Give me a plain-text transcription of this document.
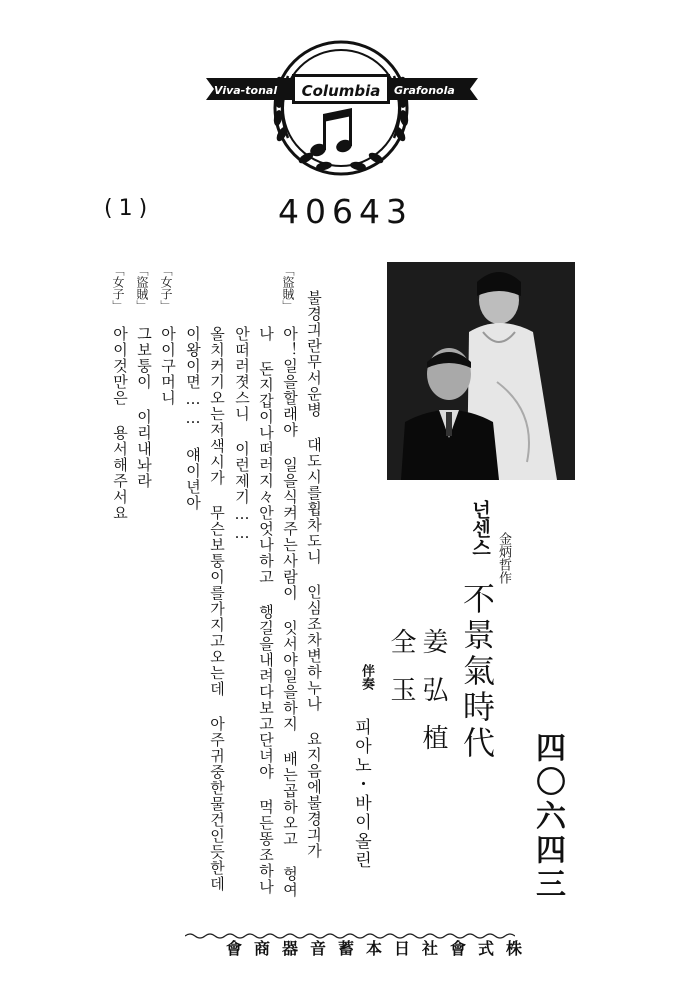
Viva-tonal Columbia Grafonola
(1)	40643
四〇六四三
넌센스
金炳哲作
不景氣時代
姜弘植
全玉
伴奏
피아노・바이올린
불경긔란무서운병 대도시를휩차도니 인심조차변하누나 요지음에불경긔가
「盜賊」
아！일을할래야 일을식켜주는사람이 잇서야일을하지 배는곱하오고 헝여
나 돈지갑이나떠러지々안엇나하고 행길을내려다보고단녀야 먹든똥조하나
안떠러졋스니 이런제기……
올치커기오는저색시가 무슨보퉁이를가지고오는데 아주귀중한물건인듯한데
이왕이면…… 얘이년아
「女子」
아이구머니
「盜賊」
그보퉁이 이리내놔라
「女子」
아이것만은 용서해주서요
株式會社日本蓄音器商會
